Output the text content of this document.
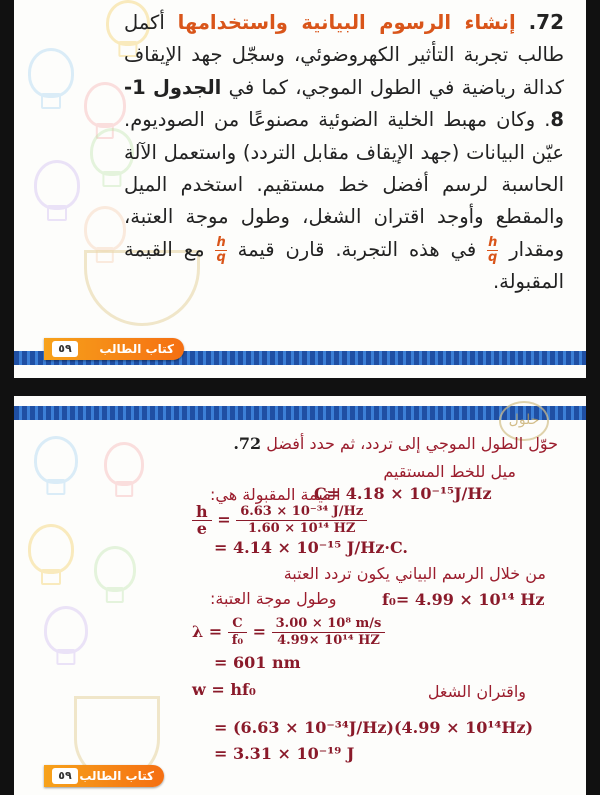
72. إنشاء الرسوم البيانية واستخدامها أكمل طالب تجربة التأثير الكهروضوئي، وسجّل جهد الإيقاف كدالة رياضية في الطول الموجي، كما في الجدول 1-8. وكان مهبط الخلية الضوئية مصنوعًا من الصوديوم. عيّن البيانات (جهد الإيقاف مقابل التردد) واستعمل الآلة الحاسبة لرسم أفضل خط مستقيم. استخدم الميل والمقطع وأوجد اقتران الشغل، وطول موجة العتبة، ومقدار
$\frac{h}{q}$
في هذه التجربة. قارن قيمة
$\frac{h}{q}$
مع القيمة المقبولة.
٥٩	كتاب الطالب
حلول
حوّل الطول الموجي إلى تردد، ثم حدد أفضل 72.
ميل للخط المستقيم
القيمة المقبولة هي:
C= 4.18 × 10⁻¹⁵J/Hz
$\frac{h}{e} = \frac{\text{6.63 × 10⁻³⁴ J/Hz}}{\text{1.60 × 10¹⁴ HZ}}$
= 4.14 × 10⁻¹⁵ J/Hz·C.
من خلال الرسم البياني يكون تردد العتبة
وطول موجة العتبة:	f₀= 4.99 × 10¹⁴ Hz
$\lambda = \frac{C}{\text{f₀}} = \frac{\text{3.00 × 10⁸ m/s}}{\text{4.99× 10¹⁴ HZ}}$
= 601 nm
w = hf₀	واقتران الشغل
= (6.63 × 10⁻³⁴J/Hz)(4.99 × 10¹⁴Hz)
= 3.31 × 10⁻¹⁹ J
٥٩ كتاب الطالب
